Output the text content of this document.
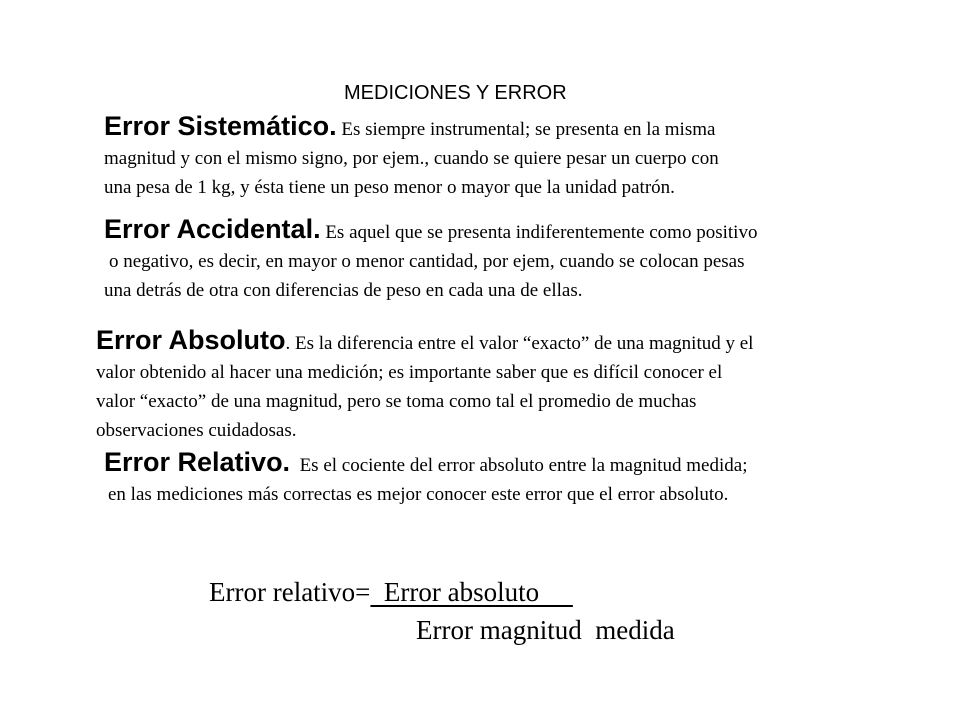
MEDICIONES Y ERROR
Error Sistemático. Es siempre instrumental; se presenta en la misma
magnitud y con el mismo signo, por ejem., cuando se quiere pesar un cuerpo con
una pesa de 1 kg, y ésta tiene un peso menor o mayor que la unidad patrón.
Error Accidental. Es aquel que se presenta indiferentemente como positivo
o negativo, es decir, en mayor o menor cantidad, por ejem, cuando se colocan pesas
una detrás de otra con diferencias de peso en cada una de ellas.
Error Absoluto. Es la diferencia entre el valor “exacto” de una magnitud y el
valor obtenido al hacer una medición; es importante saber que es difícil conocer el
valor “exacto” de una magnitud, pero se toma como tal el promedio de muchas
observaciones cuidadosas.
Error Relativo. Es el cociente del error absoluto entre la magnitud medida;
en las mediciones más correctas es mejor conocer este error que el error absoluto.
Error relativo=  Error absoluto
Error magnitud  medida
